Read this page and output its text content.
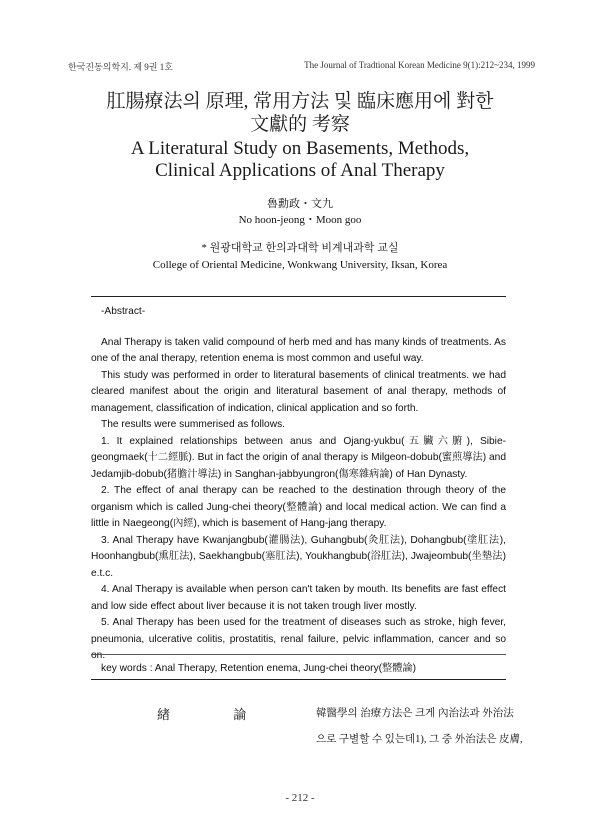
한국진동의학지. 제 9권 1호	The Journal of Tradtional Korean Medicine 9(1):212~234, 1999
肛腸療法의 原理, 常用方法 및 臨床應用에 對한
文獻的 考察
A Literatural Study on Basements, Methods,
Clinical Applications of Anal Therapy
魯勳政・文九
No hoon-jeong・Moon goo
* 원광대학교 한의과대학 비계내과학 교실
College of Oriental Medicine, Wonkwang University, Iksan, Korea
-Abstract-

Anal Therapy is taken valid compound of herb med and has many kinds of treatments. As one of the anal therapy, retention enema is most common and useful way.

This study was performed in order to literatural basements of clinical treatments. we had cleared manifest about the origin and literatural basement of anal therapy, methods of management, classification of indication, clinical application and so forth.

The results were summerised as follows.

1. It explained relationships between anus and Ojang-yukbu(五臟六腑), Sibie-geongmaek(十二經脈). But in fact the origin of anal therapy is Milgeon-dobub(蜜煎導法) and Jedamjib-dobub(猪膽汁導法) in Sanghan-jabbyungron(傷寒雜病論) of Han Dynasty.

2. The effect of anal therapy can be reached to the destination through theory of the organism which is called Jung-chei theory(整體論) and local medical action. We can find a little in Naegeong(內經), which is basement of Hang-jang therapy.

3. Anal Therapy have Kwanjangbub(灌腸法), Guhangbub(灸肛法), Dohangbub(塗肛法), Hoonhangbub(熏肛法), Saekhangbub(塞肛法), Youkhangbub(浴肛法), Jwajeombub(坐墊法) e.t.c.

4. Anal Therapy is available when person can't taken by mouth. Its benefits are fast effect and low side effect about liver because it is not taken trough liver mostly.

5. Anal Therapy has been used for the treatment of diseases such as stroke, high fever, pneumonia, ulcerative colitis, prostatitis, renal failure, pelvic inflammation, cancer and so on.

key words : Anal Therapy, Retention enema, Jung-chei theory(整體論)
緖 論	韓醫學의 治療方法은 크게 內治法과 外治法
으로 구별할 수 있는데1), 그 중 外治法은 皮膚,
- 212 -
